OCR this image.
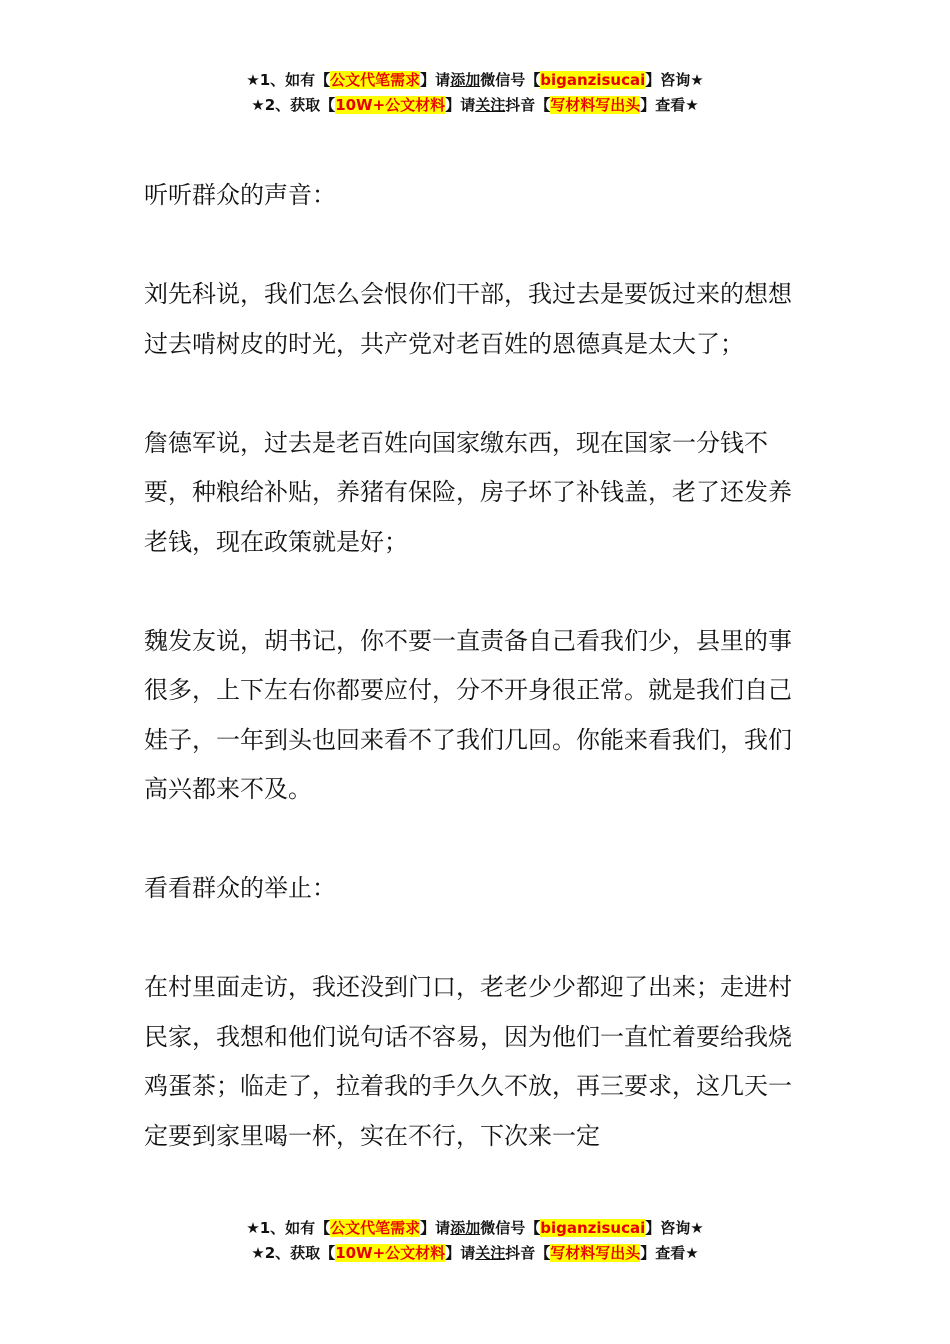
★1、如有【公文代笔需求】请添加微信号【biganzisucai】咨询★
★2、获取【10W+公文材料】请关注抖音【写材料写出头】查看★

听听群众的声音：

刘先科说，我们怎么会恨你们干部，我过去是要饭过来的想想过去啃树皮的时光，共产党对老百姓的恩德真是太大了；

詹德军说，过去是老百姓向国家缴东西，现在国家一分钱不要，种粮给补贴，养猪有保险，房子坏了补钱盖，老了还发养老钱，现在政策就是好；

魏发友说，胡书记，你不要一直责备自己看我们少，县里的事很多，上下左右你都要应付，分不开身很正常。就是我们自己娃子，一年到头也回来看不了我们几回。你能来看我们，我们高兴都来不及。

看看群众的举止：

在村里面走访，我还没到门口，老老少少都迎了出来；走进村民家，我想和他们说句话不容易，因为他们一直忙着要给我烧鸡蛋茶；临走了，拉着我的手久久不放，再三要求，这几天一定要到家里喝一杯，实在不行，下次来一定

★1、如有【公文代笔需求】请添加微信号【biganzisucai】咨询★
★2、获取【10W+公文材料】请关注抖音【写材料写出头】查看★
